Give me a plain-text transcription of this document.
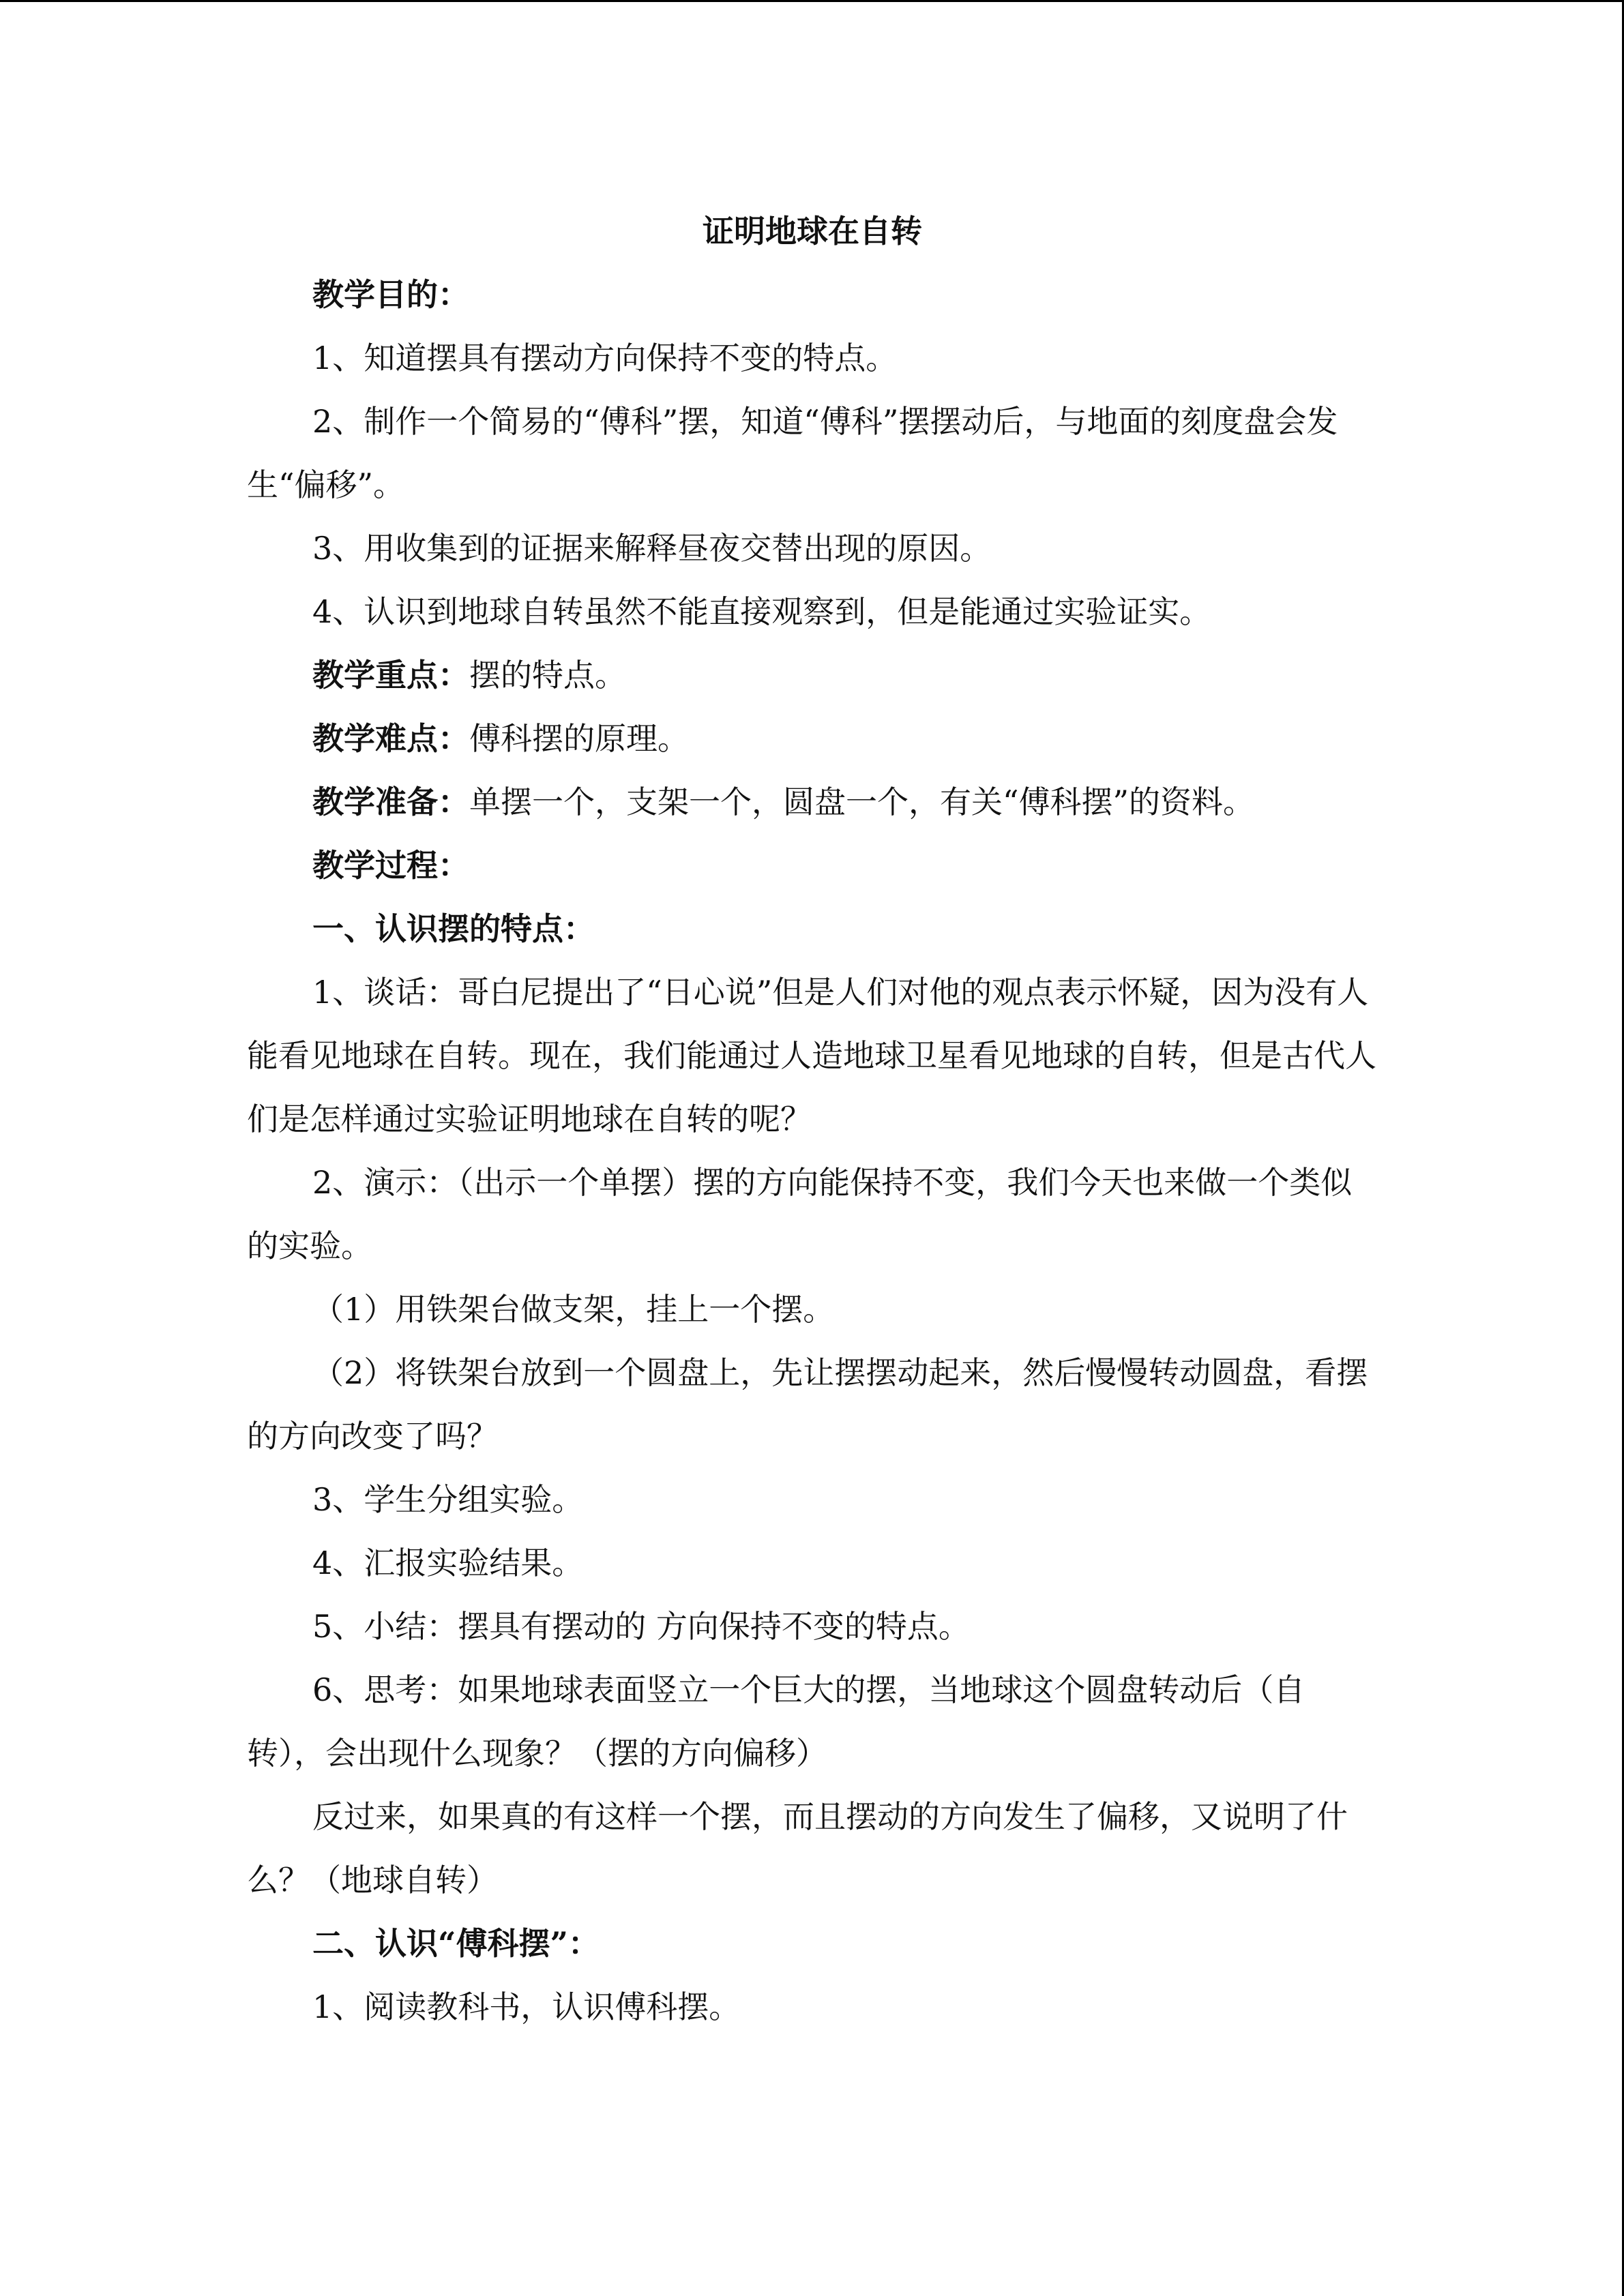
证明地球在自转

教学目的：

1、知道摆具有摆动方向保持不变的特点。

2、制作一个简易的“傅科”摆，知道“傅科”摆摆动后，与地面的刻度盘会发生“偏移”。

3、用收集到的证据来解释昼夜交替出现的原因。

4、认识到地球自转虽然不能直接观察到，但是能通过实验证实。

教学重点：摆的特点。

教学难点：傅科摆的原理。

教学准备：单摆一个，支架一个，圆盘一个，有关“傅科摆”的资料。

教学过程：

一、认识摆的特点：

1、谈话：哥白尼提出了“日心说”但是人们对他的观点表示怀疑，因为没有人能看见地球在自转。现在，我们能通过人造地球卫星看见地球的自转，但是古代人们是怎样通过实验证明地球在自转的呢？

2、演示：（出示一个单摆）摆的方向能保持不变，我们今天也来做一个类似的实验。

（1）用铁架台做支架，挂上一个摆。

（2）将铁架台放到一个圆盘上，先让摆摆动起来，然后慢慢转动圆盘，看摆的方向改变了吗？

3、学生分组实验。

4、汇报实验结果。

5、小结：摆具有摆动的 方向保持不变的特点。

6、思考：如果地球表面竖立一个巨大的摆，当地球这个圆盘转动后（自转），会出现什么现象？（摆的方向偏移）

反过来，如果真的有这样一个摆，而且摆动的方向发生了偏移，又说明了什么？（地球自转）

二、认识“傅科摆”：

1、阅读教科书，认识傅科摆。
